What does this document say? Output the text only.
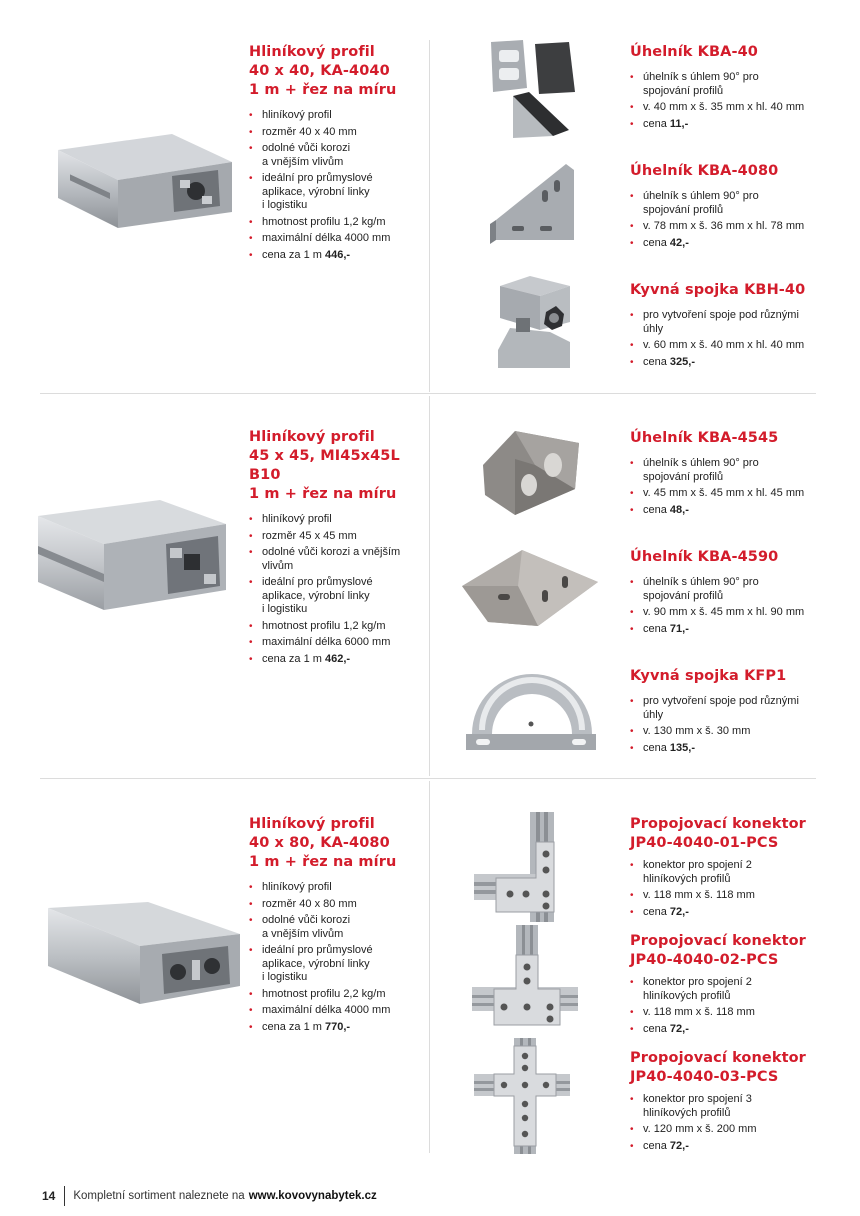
Hliníkový profil
40 x 40, KA-4040
1 m + řez na míru
• hliníkový profil
• rozměr 40 x 40 mm
• odolné vůči korozi
a vnějším vlivům
• ideální pro průmyslové
aplikace, výrobní linky
i logistiku
• hmotnost profilu 1,2 kg/m
• maximální délka 4000 mm
• cena za 1 m 446,-
Úhelník KBA-40
• úhelník s úhlem 90° pro
spojování profilů
• v. 40 mm x š. 35 mm x hl. 40 mm
• cena 11,-
Úhelník KBA-4080
• úhelník s úhlem 90° pro
spojování profilů
• v. 78 mm x š. 36 mm x hl. 78 mm
• cena 42,-
Kyvná spojka KBH-40
• pro vytvoření spoje pod různými
úhly
• v. 60 mm x š. 40 mm x hl. 40 mm
• cena 325,-
Hliníkový profil
45 x 45, MI45x45L B10
1 m + řez na míru
• hliníkový profil
• rozměr 45 x 45 mm
• odolné vůči korozi a vnějším
vlivům
• ideální pro průmyslové
aplikace, výrobní linky
i logistiku
• hmotnost profilu 1,2 kg/m
• maximální délka 6000 mm
• cena za 1 m 462,-
Úhelník KBA-4545
• úhelník s úhlem 90° pro
spojování profilů
• v. 45 mm x š. 45 mm x hl. 45 mm
• cena 48,-
Úhelník KBA-4590
• úhelník s úhlem 90° pro
spojování profilů
• v. 90 mm x š. 45 mm x hl. 90 mm
• cena 71,-
Kyvná spojka KFP1
• pro vytvoření spoje pod různými
úhly
• v. 130 mm x š. 30 mm
• cena 135,-
Hliníkový profil
40 x 80, KA-4080
1 m + řez na míru
• hliníkový profil
• rozměr 40 x 80 mm
• odolné vůči korozi
a vnějším vlivům
• ideální pro průmyslové
aplikace, výrobní linky
i logistiku
• hmotnost profilu 2,2 kg/m
• maximální délka 4000 mm
• cena za 1 m 770,-
Propojovací konektor
JP40-4040-01-PCS
• konektor pro spojení 2
hliníkových profilů
• v. 118 mm x š. 118 mm
• cena 72,-
Propojovací konektor
JP40-4040-02-PCS
• konektor pro spojení 2
hliníkových profilů
• v. 118 mm x š. 118 mm
• cena 72,-
Propojovací konektor
JP40-4040-03-PCS
• konektor pro spojení 3
hliníkových profilů
• v. 120 mm x š. 200 mm
• cena 72,-
14 Kompletní sortiment naleznete na www.kovovynabytek.cz
